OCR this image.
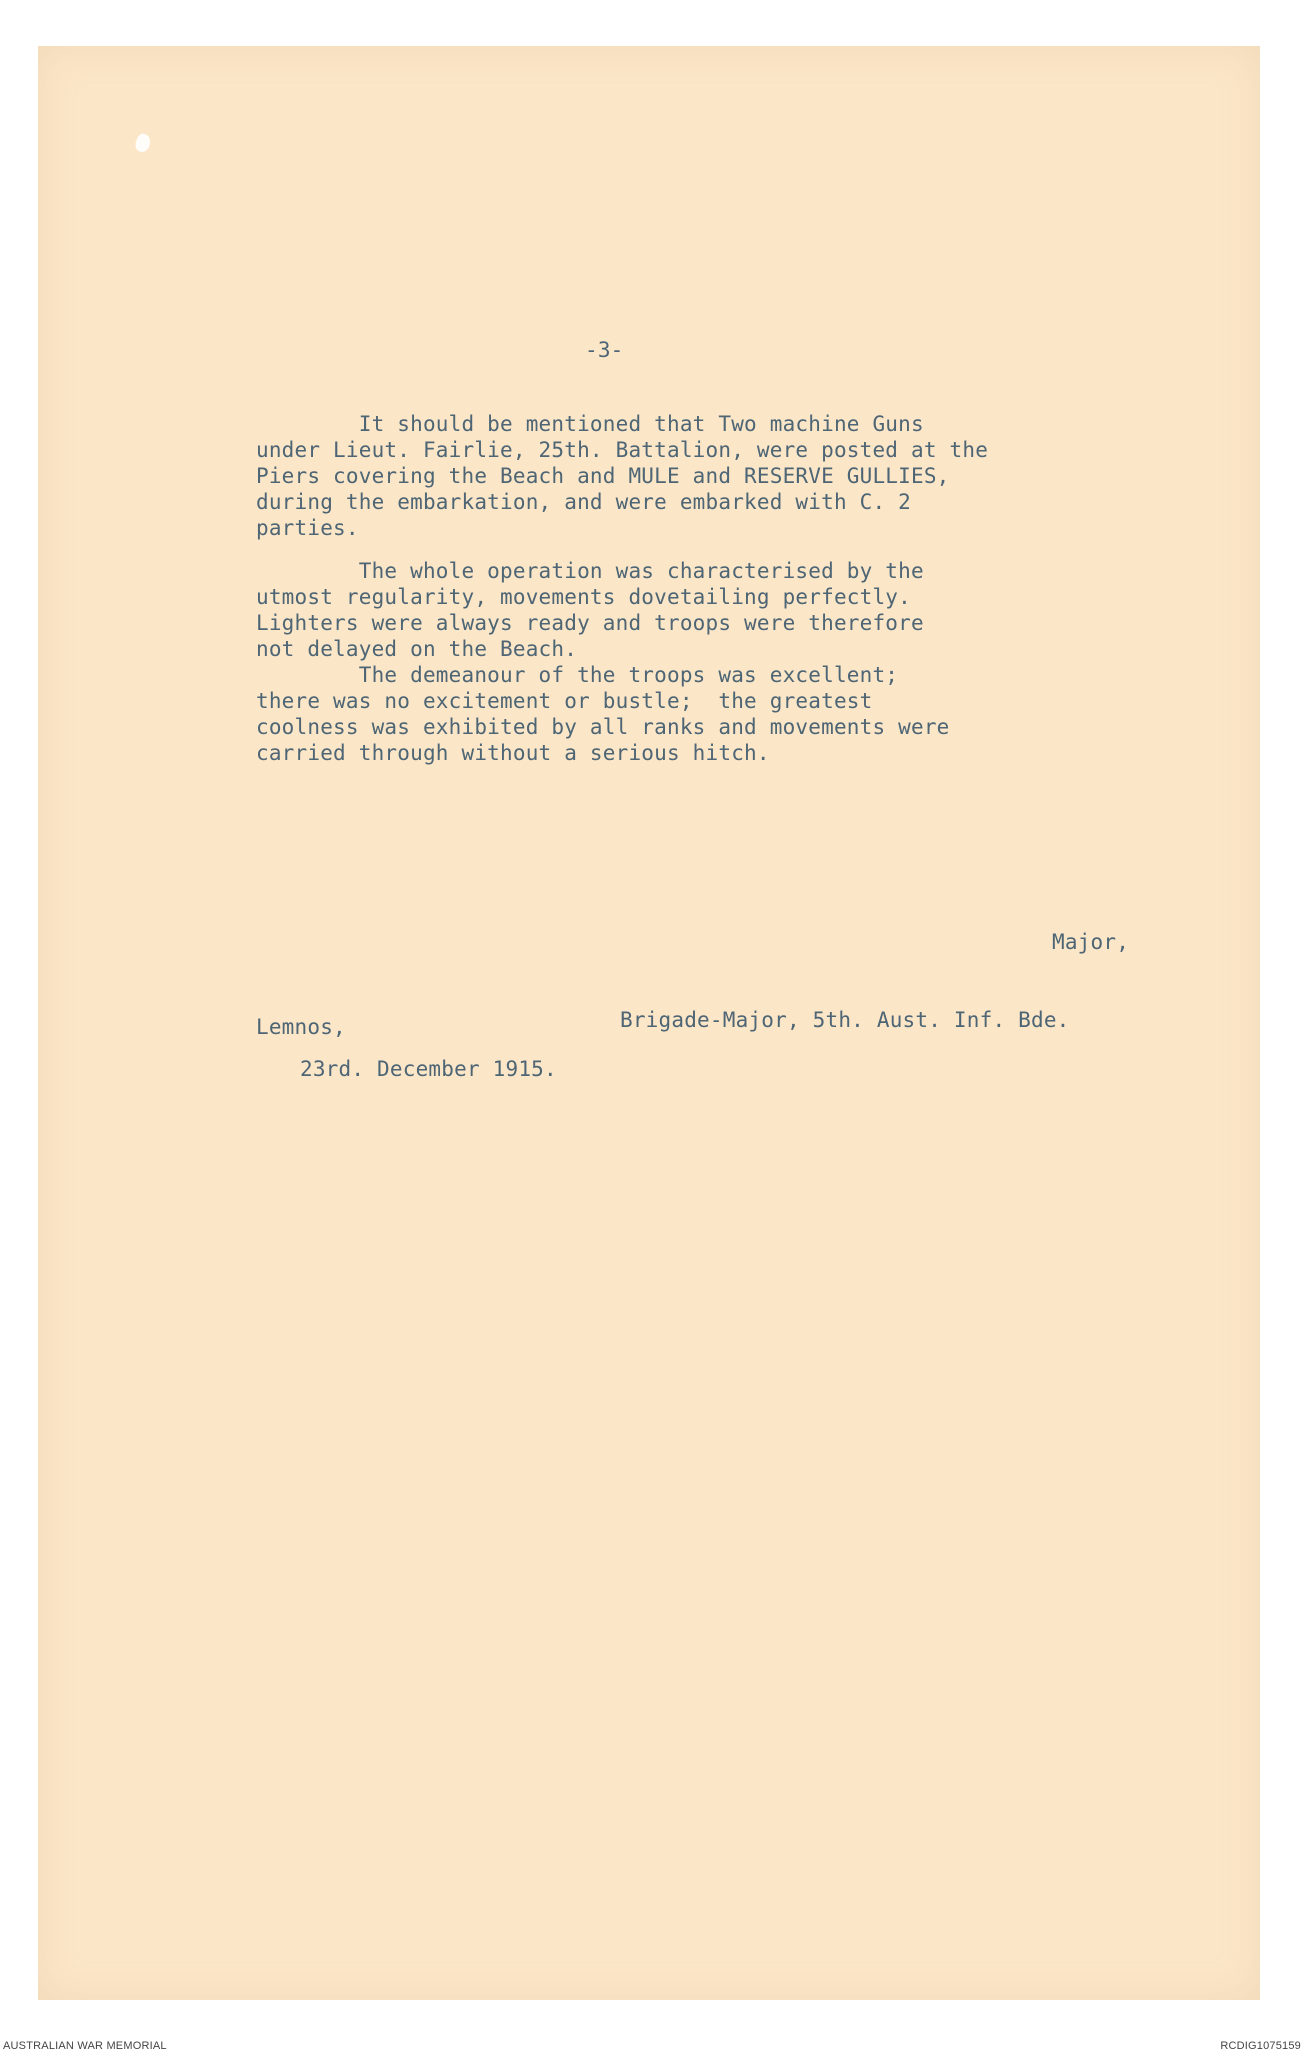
-3-

It should be mentioned that Two machine Guns
under Lieut. Fairlie, 25th. Battalion, were posted at the
Piers covering the Beach and MULE and RESERVE GULLIES,
during the embarkation, and were embarked with C. 2
parties.

The whole operation was characterised by the
utmost regularity, movements dovetailing perfectly.
Lighters were always ready and troops were therefore
not delayed on the Beach.
The demeanour of the troops was excellent;
there was no excitement or bustle;  the greatest
coolness was exhibited by all ranks and movements were
carried through without a serious hitch.

Major,

Brigade-Major, 5th. Aust. Inf. Bde.

Lemnos,

23rd. December 1915.

AUSTRALIAN WAR MEMORIAL	RCDIG1075159
